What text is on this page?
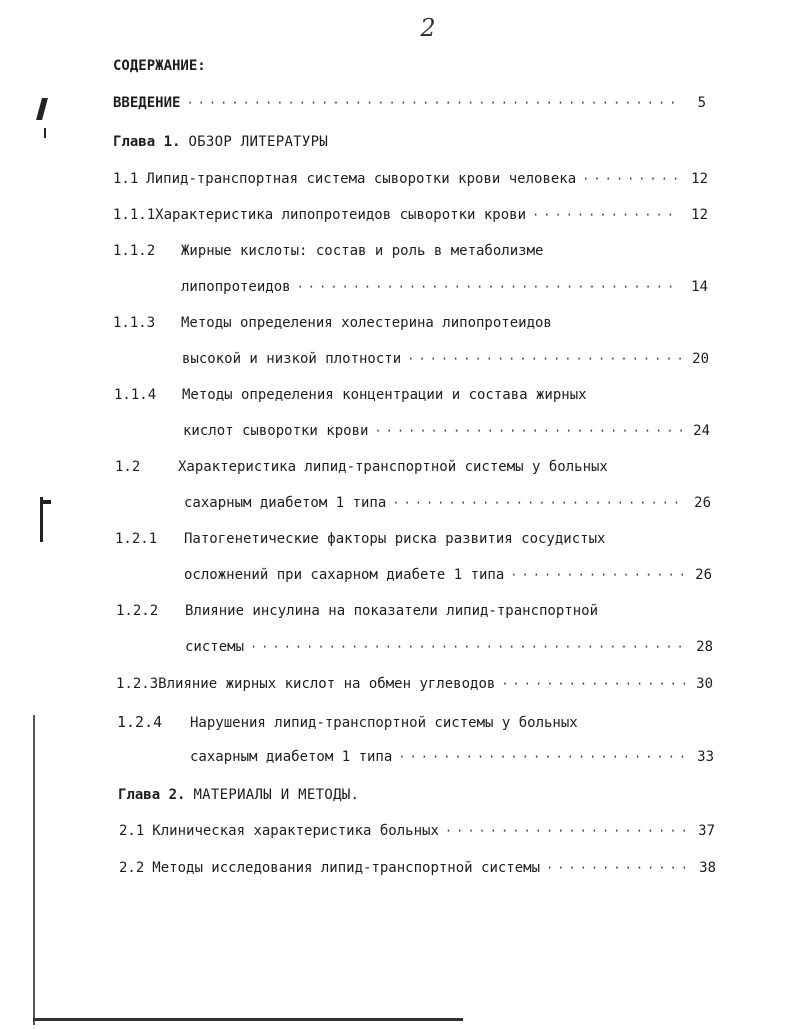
2
СОДЕРЖАНИЕ:
ВВЕДЕНИЕ ·····	5
Глава 1. ОБЗОР ЛИТЕРАТУРЫ
1.1 Липид-транспортная система сыворотки крови человека ·····	12
1.1.1 Характеристика липопротеидов сыворотки крови ·····	12
1.1.2	Жирные кислоты: состав и роль в метаболизме
липопротеидов ·····	14
1.1.3	Методы определения холестерина липопротеидов
высокой и низкой плотности ·····	20
1.1.4	Методы определения концентрации и состава жирных
кислот сыворотки крови ·····	24
1.2	Характеристика липид-транспортной системы у больных
сахарным диабетом 1 типа ·····	26
1.2.1	Патогенетические факторы риска развития сосудистых
осложнений при сахарном диабете 1 типа ·····	26
1.2.2	Влияние инсулина на показатели липид-транспортной
системы ·····	28
1.2.3 Влияние жирных кислот на обмен углеводов ·····	30
1.2.4	Нарушения липид-транспортной системы у больных
сахарным диабетом 1 типа ·····	33
Глава 2. МАТЕРИАЛЫ И МЕТОДЫ.
2.1 Клиническая характеристика больных ·····	37
2.2 Методы исследования липид-транспортной системы ·····	38
